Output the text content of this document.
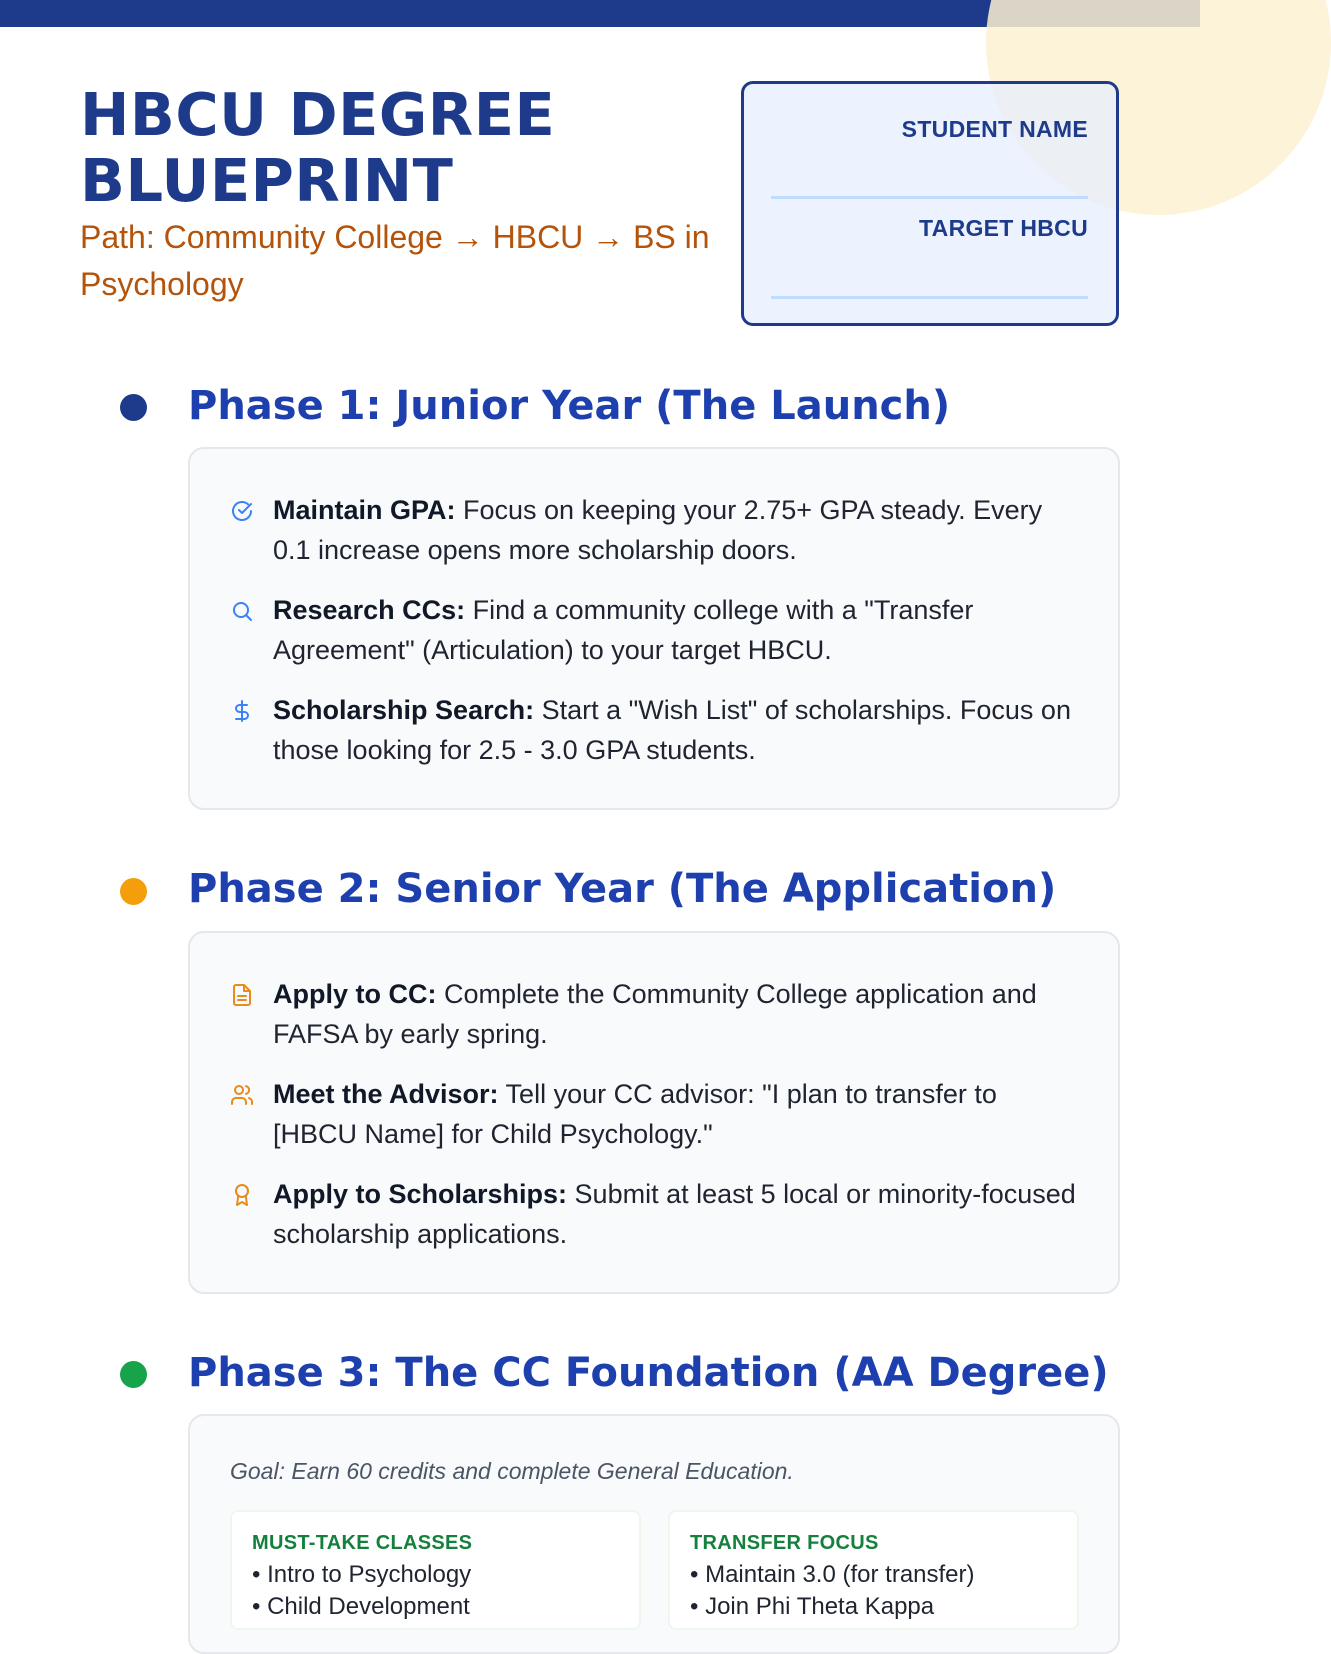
HBCU DEGREE
BLUEPRINT
Path: Community College → HBCU → BS in Psychology
STUDENT NAME
TARGET HBCU
Phase 1: Junior Year (The Launch)
Maintain GPA: Focus on keeping your 2.75+ GPA steady. Every 0.1 increase opens more scholarship doors.
Research CCs: Find a community college with a "Transfer Agreement" (Articulation) to your target HBCU.
Scholarship Search: Start a "Wish List" of scholarships. Focus on those looking for 2.5 - 3.0 GPA students.
Phase 2: Senior Year (The Application)
Apply to CC: Complete the Community College application and FAFSA by early spring.
Meet the Advisor: Tell your CC advisor: "I plan to transfer to [HBCU Name] for Child Psychology."
Apply to Scholarships: Submit at least 5 local or minority-focused scholarship applications.
Phase 3: The CC Foundation (AA Degree)
Goal: Earn 60 credits and complete General Education.
MUST-TAKE CLASSES
• Intro to Psychology
• Child Development
TRANSFER FOCUS
• Maintain 3.0 (for transfer)
• Join Phi Theta Kappa
